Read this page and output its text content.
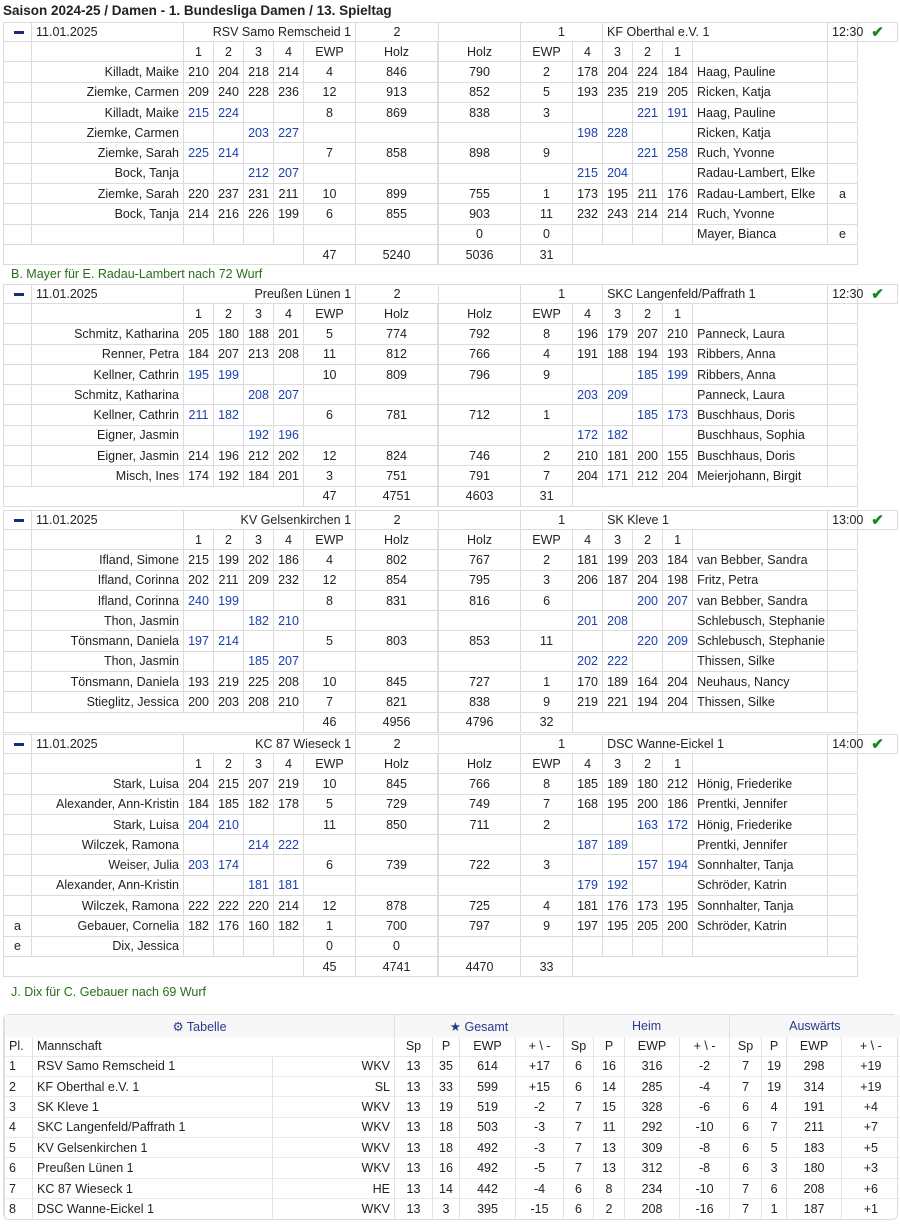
Saison 2024-25 / Damen - 1. Bundesliga Damen / 13. Spieltag
	11.01.2025	RSV Samo Remscheid 1					2		1		KF Oberthal e.V. 1				12:30	✔
		1	2	3	4	EWP	Holz		Holz	EWP	4	3	2	1			
	Killadt, Maike	210	204	218	214	4	846		790	2	178	204	224	184	Haag, Pauline		
	Ziemke, Carmen	209	240	228	236	12	913		852	5	193	235	219	205	Ricken, Katja		
	Killadt, Maike	215	224			8	869		838	3			221	191	Haag, Pauline		
	Ziemke, Carmen			203	227						198	228			Ricken, Katja		
	Ziemke, Sarah	225	214			7	858		898	9			221	258	Ruch, Yvonne		
	Bock, Tanja			212	207						215	204			Radau-Lambert, Elke		
	Ziemke, Sarah	220	237	231	211	10	899		755	1	173	195	211	176	Radau-Lambert, Elke	a	
	Bock, Tanja	214	216	226	199	6	855		903	11	232	243	214	214	Ruch, Yvonne		
									0	0					Mayer, Bianca	e	
						47	5240		5036	31							
B. Mayer für E. Radau-Lambert nach 72 Wurf
	11.01.2025	Preußen Lünen 1					2		1		SKC Langenfeld/Paffrath 1				12:30	✔
		1	2	3	4	EWP	Holz		Holz	EWP	4	3	2	1			
	Schmitz, Katharina	205	180	188	201	5	774		792	8	196	179	207	210	Panneck, Laura		
	Renner, Petra	184	207	213	208	11	812		766	4	191	188	194	193	Ribbers, Anna		
	Kellner, Cathrin	195	199			10	809		796	9			185	199	Ribbers, Anna		
	Schmitz, Katharina			208	207						203	209			Panneck, Laura		
	Kellner, Cathrin	211	182			6	781		712	1			185	173	Buschhaus, Doris		
	Eigner, Jasmin			192	196						172	182			Buschhaus, Sophia		
	Eigner, Jasmin	214	196	212	202	12	824		746	2	210	181	200	155	Buschhaus, Doris		
	Misch, Ines	174	192	184	201	3	751		791	7	204	171	212	204	Meierjohann, Birgit		
						47	4751		4603	31							
	11.01.2025	KV Gelsenkirchen 1					2		1		SK Kleve 1				13:00	✔
		1	2	3	4	EWP	Holz		Holz	EWP	4	3	2	1			
	Ifland, Simone	215	199	202	186	4	802		767	2	181	199	203	184	van Bebber, Sandra		
	Ifland, Corinna	202	211	209	232	12	854		795	3	206	187	204	198	Fritz, Petra		
	Ifland, Corinna	240	199			8	831		816	6			200	207	van Bebber, Sandra		
	Thon, Jasmin			182	210						201	208			Schlebusch, Stephanie		
	Tönsmann, Daniela	197	214			5	803		853	11			220	209	Schlebusch, Stephanie		
	Thon, Jasmin			185	207						202	222			Thissen, Silke		
	Tönsmann, Daniela	193	219	225	208	10	845		727	1	170	189	164	204	Neuhaus, Nancy		
	Stieglitz, Jessica	200	203	208	210	7	821		838	9	219	221	194	204	Thissen, Silke		
						46	4956		4796	32							
	11.01.2025	KC 87 Wieseck 1					2		1		DSC Wanne-Eickel 1				14:00	✔
		1	2	3	4	EWP	Holz		Holz	EWP	4	3	2	1			
	Stark, Luisa	204	215	207	219	10	845		766	8	185	189	180	212	Hönig, Friederike		
	Alexander, Ann-Kristin	184	185	182	178	5	729		749	7	168	195	200	186	Prentki, Jennifer		
	Stark, Luisa	204	210			11	850		711	2			163	172	Hönig, Friederike		
	Wilczek, Ramona			214	222						187	189			Prentki, Jennifer		
	Weiser, Julia	203	174			6	739		722	3			157	194	Sonnhalter, Tanja		
	Alexander, Ann-Kristin			181	181						179	192			Schröder, Katrin		
	Wilczek, Ramona	222	222	220	214	12	878		725	4	181	176	173	195	Sonnhalter, Tanja		
a	Gebauer, Cornelia	182	176	160	182	1	700		797	9	197	195	205	200	Schröder, Katrin		
e	Dix, Jessica					0	0									
						45	4741		4470	33							
J. Dix für C. Gebauer nach 69 Wurf
⚙ Tabelle			★ Gesamt				Heim				Auswärts			
Pl.	Mannschaft		Sp	P	EWP	+ \ -	Sp	P	EWP	+ \ -	Sp	P	EWP	+ \ -
1	RSV Samo Remscheid 1	WKV	13	35	614	+17	6	16	316	-2	7	19	298	+19
2	KF Oberthal e.V. 1	SL	13	33	599	+15	6	14	285	-4	7	19	314	+19
3	SK Kleve 1	WKV	13	19	519	-2	7	15	328	-6	6	4	191	+4
4	SKC Langenfeld/Paffrath 1	WKV	13	18	503	-3	7	11	292	-10	6	7	211	+7
5	KV Gelsenkirchen 1	WKV	13	18	492	-3	7	13	309	-8	6	5	183	+5
6	Preußen Lünen 1	WKV	13	16	492	-5	7	13	312	-8	6	3	180	+3
7	KC 87 Wieseck 1	HE	13	14	442	-4	6	8	234	-10	7	6	208	+6
8	DSC Wanne-Eickel 1	WKV	13	3	395	-15	6	2	208	-16	7	1	187	+1
